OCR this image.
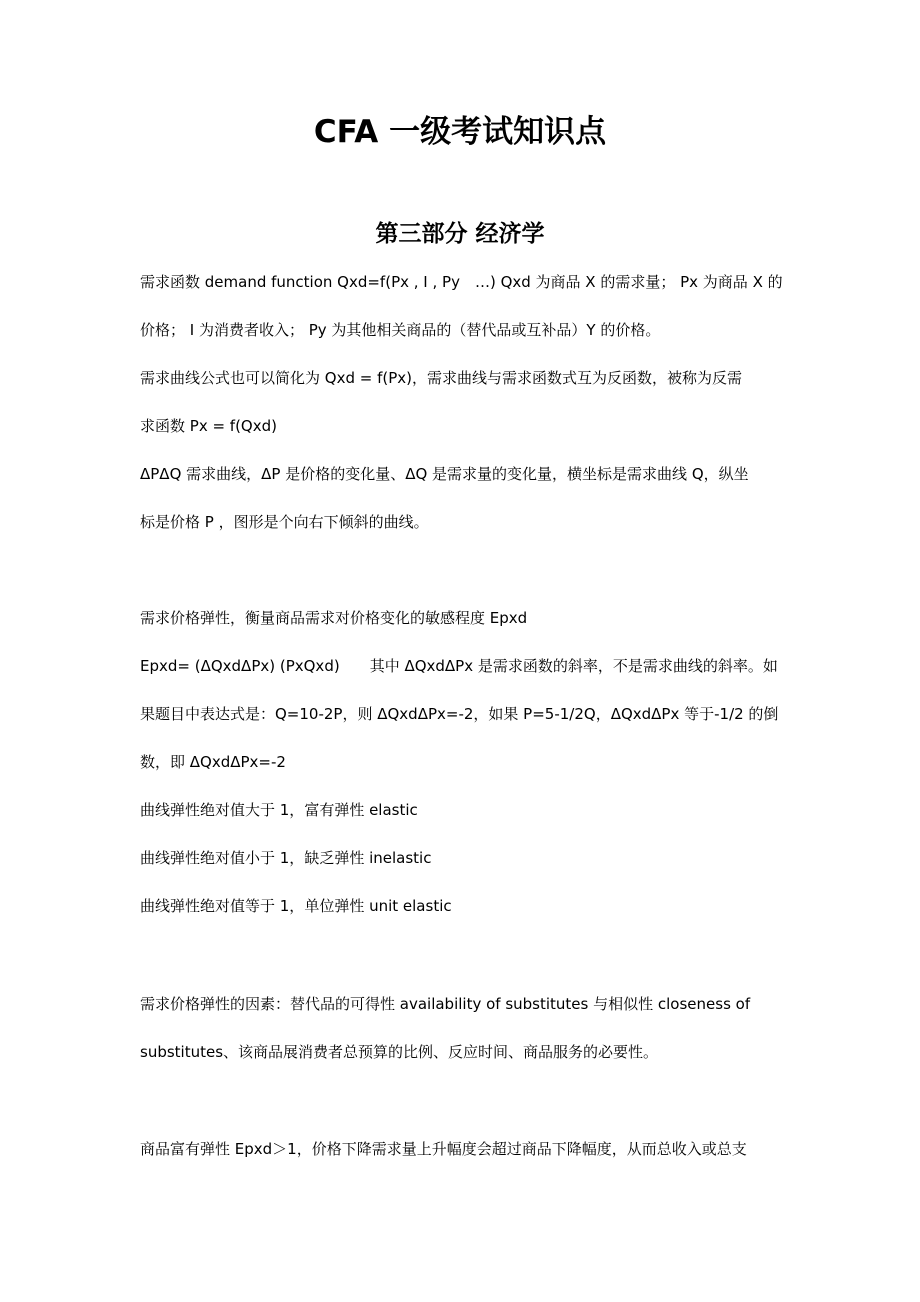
CFA 一级考试知识点
第三部分 经济学

需求函数 demand function Qxd=f(Px , I , Py　…) Qxd 为商品 X 的需求量； Px 为商品 X 的

价格； I 为消费者收入； Py 为其他相关商品的（替代品或互补品）Y 的价格。

需求曲线公式也可以简化为 Qxd = f(Px)，需求曲线与需求函数式互为反函数，被称为反需

求函数 Px = f(Qxd)

ΔPΔQ 需求曲线，ΔP 是价格的变化量、ΔQ 是需求量的变化量，横坐标是需求曲线 Q，纵坐

标是价格 P ，图形是个向右下倾斜的曲线。

需求价格弹性，衡量商品需求对价格变化的敏感程度 Epxd

Epxd= (ΔQxdΔPx) (PxQxd)　　其中 ΔQxdΔPx 是需求函数的斜率，不是需求曲线的斜率。如

果题目中表达式是：Q=10-2P，则 ΔQxdΔPx=-2，如果 P=5-1/2Q，ΔQxdΔPx 等于-1/2 的倒

数，即 ΔQxdΔPx=-2

曲线弹性绝对值大于 1，富有弹性 elastic

曲线弹性绝对值小于 1，缺乏弹性 inelastic

曲线弹性绝对值等于 1，单位弹性 unit elastic

需求价格弹性的因素：替代品的可得性 availability of substitutes 与相似性 closeness of

substitutes、该商品展消费者总预算的比例、反应时间、商品服务的必要性。

商品富有弹性 Epxd＞1，价格下降需求量上升幅度会超过商品下降幅度，从而总收入或总支
